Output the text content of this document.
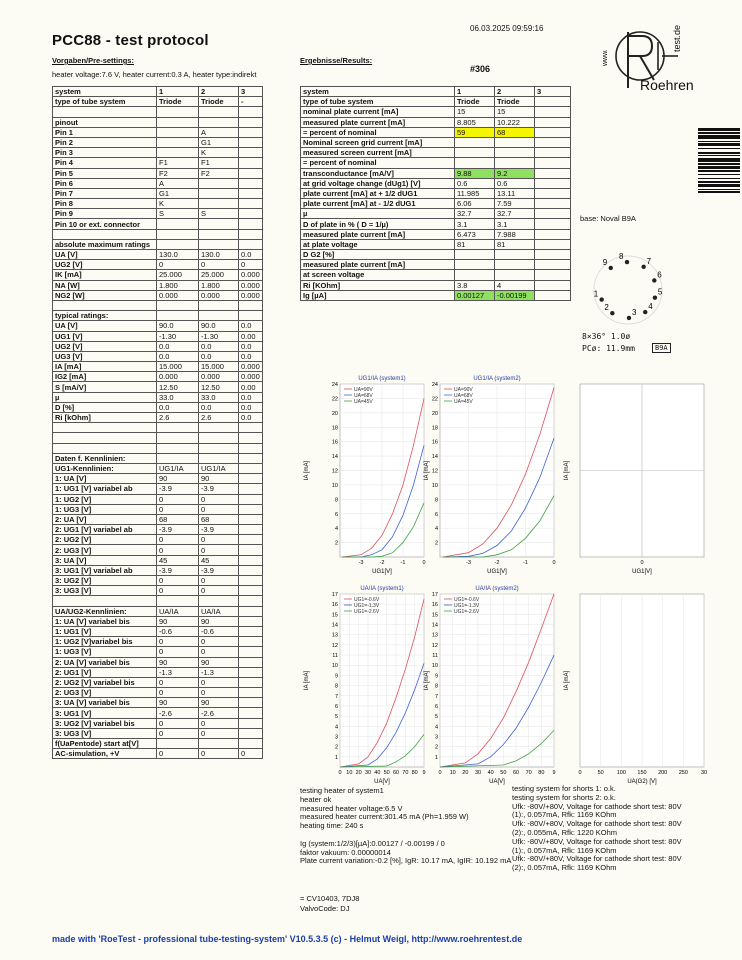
PCC88 - test protocol
06.03.2025 09:59:16
Vorgaben/Pre-settings:
heater voltage:7.6 V, heater current:0.3 A, heater type:indirekt
Ergebnisse/Results:
#306
Roehren
www.
test.de
system	1	2	3
type of tube system	Triode	Triode	-

pinout			
Pin 1		A	
Pin 2		G1	
Pin 3		K	
Pin 4	F1	F1	
Pin 5	F2	F2	
Pin 6	A		
Pin 7	G1		
Pin 8	K		
Pin 9	S	S	
Pin 10 or ext. connector			

absolute maximum ratings			
UA [V]	130.0	130.0	0.0
UG2 [V]	0	0	0
IK [mA]	25.000	25.000	0.000
NA [W]	1.800	1.800	0.000
NG2 [W]	0.000	0.000	0.000

typical ratings:			
UA [V]	90.0	90.0	0.0
UG1 [V]	-1.30	-1.30	0.00
UG2 [V]	0.0	0.0	0.0
UG3 [V]	0.0	0.0	0.0
IA [mA]	15.000	15.000	0.000
IG2 [mA]	0.000	0.000	0.000
S [mA/V]	12.50	12.50	0.00
µ	33.0	33.0	0.0
D [%]	0.0	0.0	0.0
Ri [kOhm]	2.6	2.6	0.0

Daten f. Kennlinien:			
UG1-Kennlinien:	UG1/IA	UG1/IA	
1: UA [V]	90	90	
1: UG1 [V] variabel ab	-3.9	-3.9	
1: UG2 [V]	0	0	
1: UG3 [V]	0	0	
2: UA [V]	68	68	
2: UG1 [V] variabel ab	-3.9	-3.9	
2: UG2 [V]	0	0	
2: UG3 [V]	0	0	
3: UA [V]	45	45	
3: UG1 [V] variabel ab	-3.9	-3.9	
3: UG2 [V]	0	0	
3: UG3 [V]	0	0	

UA/UG2-Kennlinien:	UA/IA	UA/IA	
1: UA [V] variabel bis	90	90	
1: UG1 [V]	-0.6	-0.6	
1: UG2 [V]variabel bis	0	0	
1: UG3 [V]	0	0	
2: UA [V] variabel bis	90	90	
2: UG1 [V]	-1.3	-1.3	
2: UG2 [V] variabel bis	0	0	
2: UG3 [V]	0	0	
3: UA [V] variabel bis	90	90	
3: UG1 [V]	-2.6	-2.6	
3: UG2 [V] variabel bis	0	0	
3: UG3 [V]	0	0	
f(UaPentode) start at[V]			
AC-simulation, +V	0	0	0
system	1	2	3
type of tube system	Triode	Triode	
nominal plate current [mA]	15	15	
measured plate current [mA]	8.805	10.222	
= percent of nominal	59	68	
Nominal screen grid current [mA]			
measured screen current [mA]			
= percent of nominal			
transconductance [mA/V]	9.88	9.2	
at grid voltage change (dUg1) [V]	0.6	0.6	
plate current [mA] at + 1/2 dUG1	11.985	13.11	
plate current [mA] at - 1/2 dUG1	6.06	7.59	
µ	32.7	32.7	
D of plate in % ( D = 1/µ)	3.1	3.1	
measured plate current [mA]	6.473	7.988	
at plate voltage	81	81	
D G2 [%]			
measured plate current [mA]			
at screen voltage			
Ri [KOhm]	3.8	4	
Ig [µA]	0.00127	-0.00199	
base: Noval B9A
1
2
3
4
5
6
7
8
9
8×36° 1.0ø
PCø: 11.9mm	B9A
UG1/IA (system1)
IA [mA]
UG1[V]
2
4
6
8
10
12
14
16
18
20
22
24
-3	-2	-1	0
UA=90V
UA=68V
UA=45V
UG1/IA (system2)
IA [mA]
UG1[V]
2
4
6
8
10
12
14
16
18
20
22
24
-3	-2	-1	0
UA=90V
UA=68V
UA=45V
IA [mA]
UG1[V]
0
UA/IA (system1)
IA [mA]
UA[V]
1
2
3
4
5
6
7
8
9
10
11
12
13
14
15
16
17
0 10 20 30 40 50 60 70 80 9
UG1=-0.6V
UG1=-1.3V
UG1=-2.6V
UA/IA (system2)
IA [mA]
UA[V]
1
2
3
4
5
6
7
8
9
10
11
12
13
14
15
16
17
0 10 20 30 40 50 60 70 80 9
UG1=-0.6V
UG1=-1.3V
UG1=-2.6V
IA [mA]
UA(G2) [V]
0	50 100 150 200 250 30
testing heater of system1
heater ok
measured heater voltage:6.5 V
measured heater current:301.45 mA (Ph=1.959 W)
heating time: 240 s

Ig (system:1/2/3)[µA]:0.00127 / -0.00199 / 0
faktor vakuum: 0.00000014
Plate current variation:-0.2 [%], IgR: 10.17 mA, IgIR: 10.192 mA
testing system for shorts 1: o.k.
testing system for shorts 2: o.k.
Ufk: -80V/+80V, Voltage for cathode short test: 80V
(1):, 0.057mA, Rfk: 1169 KOhm
Ufk: -80V/+80V, Voltage for cathode short test: 80V
(2):, 0.055mA, Rfk: 1220 KOhm
Ufk: -80V/+80V, Voltage for cathode short test: 80V
(1):, 0.057mA, Rfk: 1169 KOhm
Ufk: -80V/+80V, Voltage for cathode short test: 80V
(2):, 0.057mA, Rfk: 1169 KOhm
= CV10403, 7DJ8
ValvoCode: DJ
made with 'RoeTest - professional tube-testing-system' V10.5.3.5 (c) - Helmut Weigl, http://www.roehrentest.de
